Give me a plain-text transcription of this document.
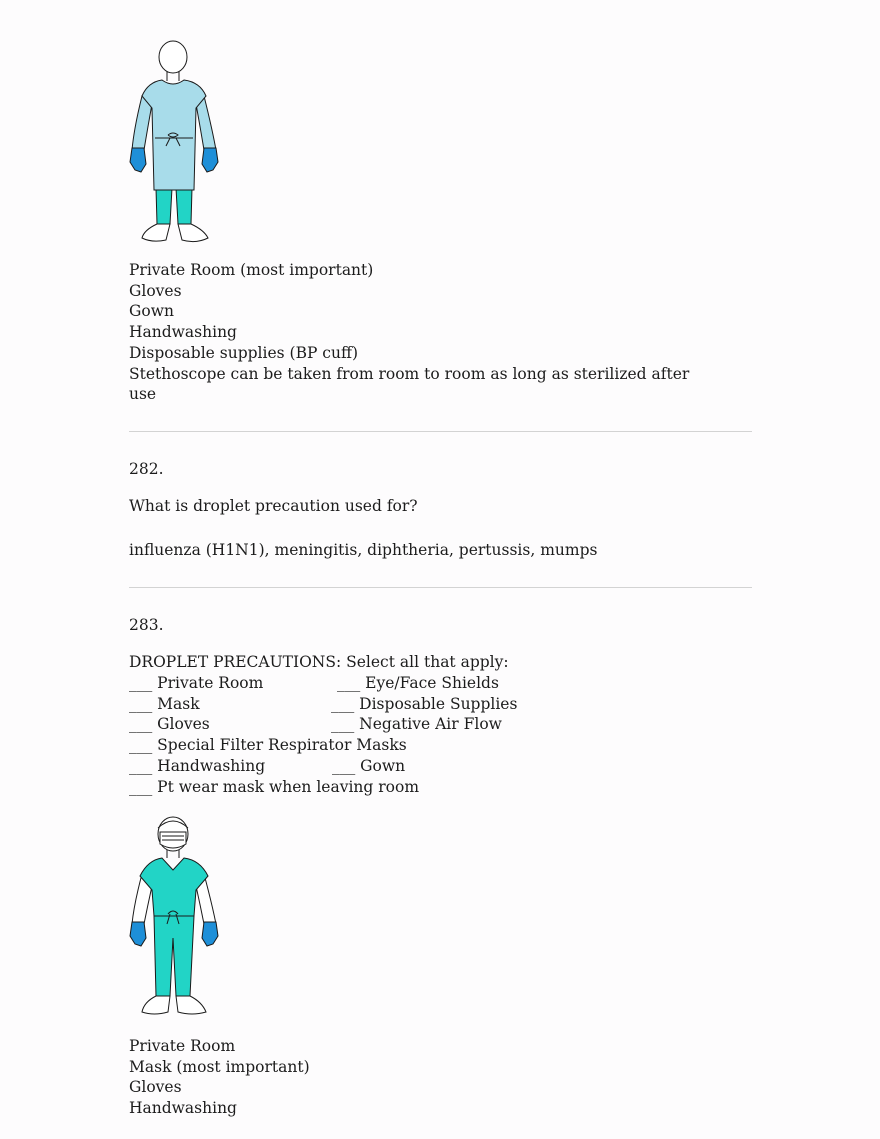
Private Room (most important)
Gloves
Gown
Handwashing
Disposable supplies (BP cuff)
Stethoscope can be taken from room to room as long as sterilized after
use
282.
What is droplet precaution used for?
influenza (H1N1), meningitis, diphtheria, pertussis, mumps
283.
DROPLET PRECAUTIONS: Select all that apply:
___ Private Room
___ Mask
___ Gloves
___ Special Filter Respirator Masks
___ Handwashing
___ Pt wear mask when leaving room
___ Eye/Face Shields
___ Disposable Supplies
___ Negative Air Flow
___ Gown
Private Room
Mask (most important)
Gloves
Handwashing
